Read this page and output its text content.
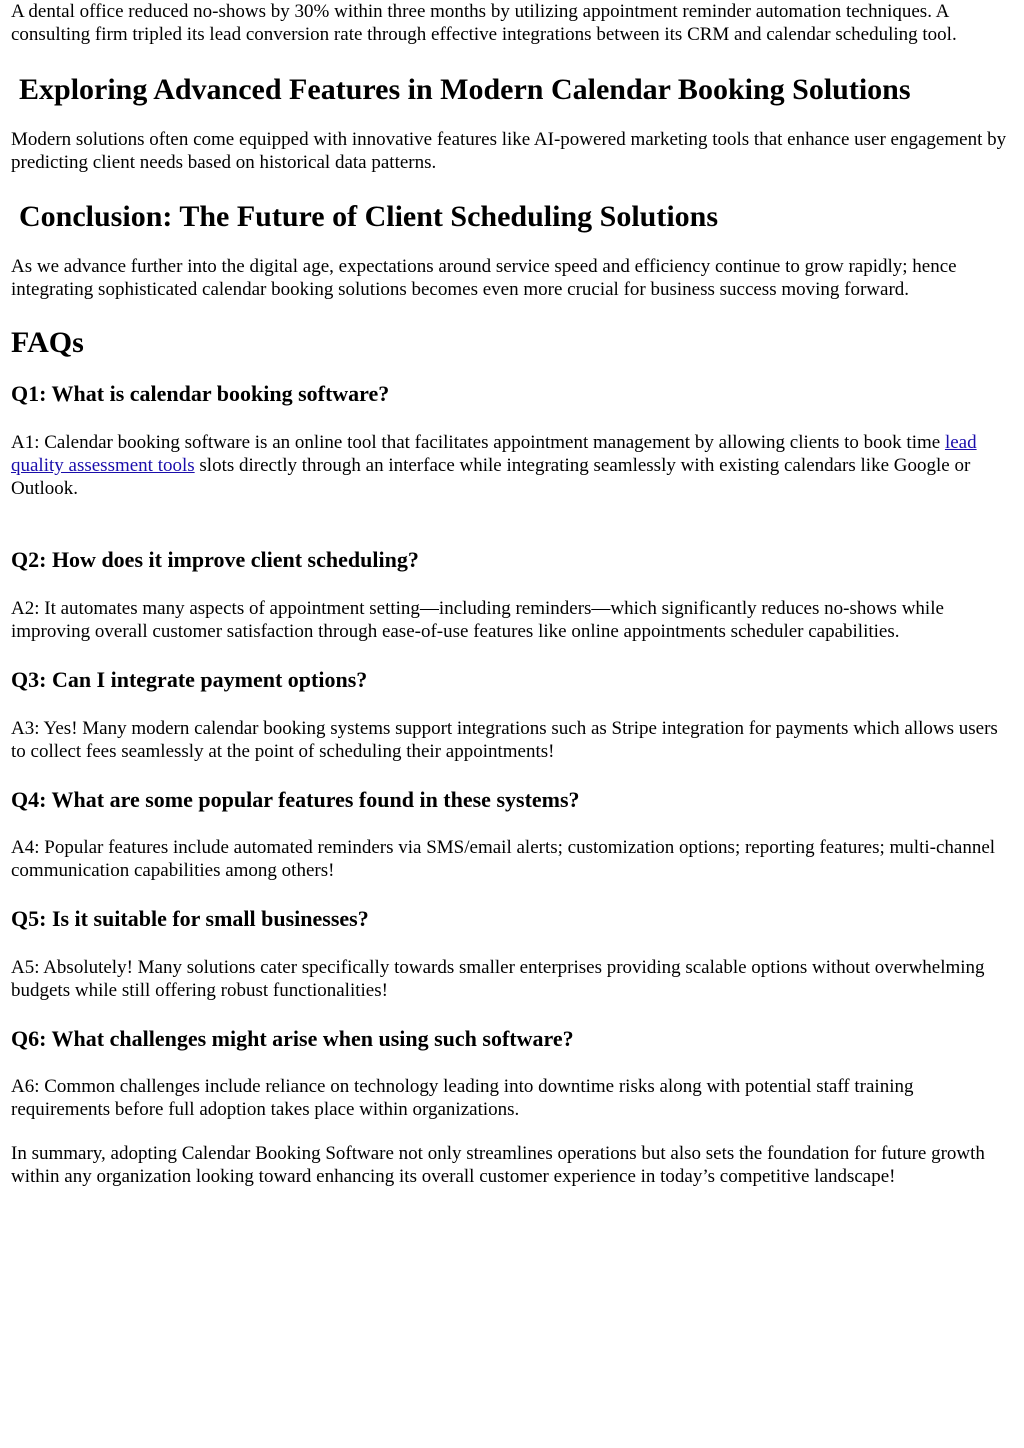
A dental office reduced no-shows by 30% within three months by utilizing appointment reminder automation techniques. A consulting firm tripled its lead conversion rate through effective integrations between its CRM and calendar scheduling tool.

Exploring Advanced Features in Modern Calendar Booking Solutions

Modern solutions often come equipped with innovative features like AI-powered marketing tools that enhance user engagement by predicting client needs based on historical data patterns.

Conclusion: The Future of Client Scheduling Solutions

As we advance further into the digital age, expectations around service speed and efficiency continue to grow rapidly; hence integrating sophisticated calendar booking solutions becomes even more crucial for business success moving forward.

FAQs
Q1: What is calendar booking software?

A1: Calendar booking software is an online tool that facilitates appointment management by allowing clients to book time lead quality assessment tools slots directly through an interface while integrating seamlessly with existing calendars like Google or Outlook.

Q2: How does it improve client scheduling?

A2: It automates many aspects of appointment setting—including reminders—which significantly reduces no-shows while improving overall customer satisfaction through ease-of-use features like online appointments scheduler capabilities.

Q3: Can I integrate payment options?

A3: Yes! Many modern calendar booking systems support integrations such as Stripe integration for payments which allows users to collect fees seamlessly at the point of scheduling their appointments!

Q4: What are some popular features found in these systems?

A4: Popular features include automated reminders via SMS/email alerts; customization options; reporting features; multi-channel communication capabilities among others!

Q5: Is it suitable for small businesses?

A5: Absolutely! Many solutions cater specifically towards smaller enterprises providing scalable options without overwhelming budgets while still offering robust functionalities!

Q6: What challenges might arise when using such software?

A6: Common challenges include reliance on technology leading into downtime risks along with potential staff training requirements before full adoption takes place within organizations.

In summary, adopting Calendar Booking Software not only streamlines operations but also sets the foundation for future growth within any organization looking toward enhancing its overall customer experience in today’s competitive landscape!
